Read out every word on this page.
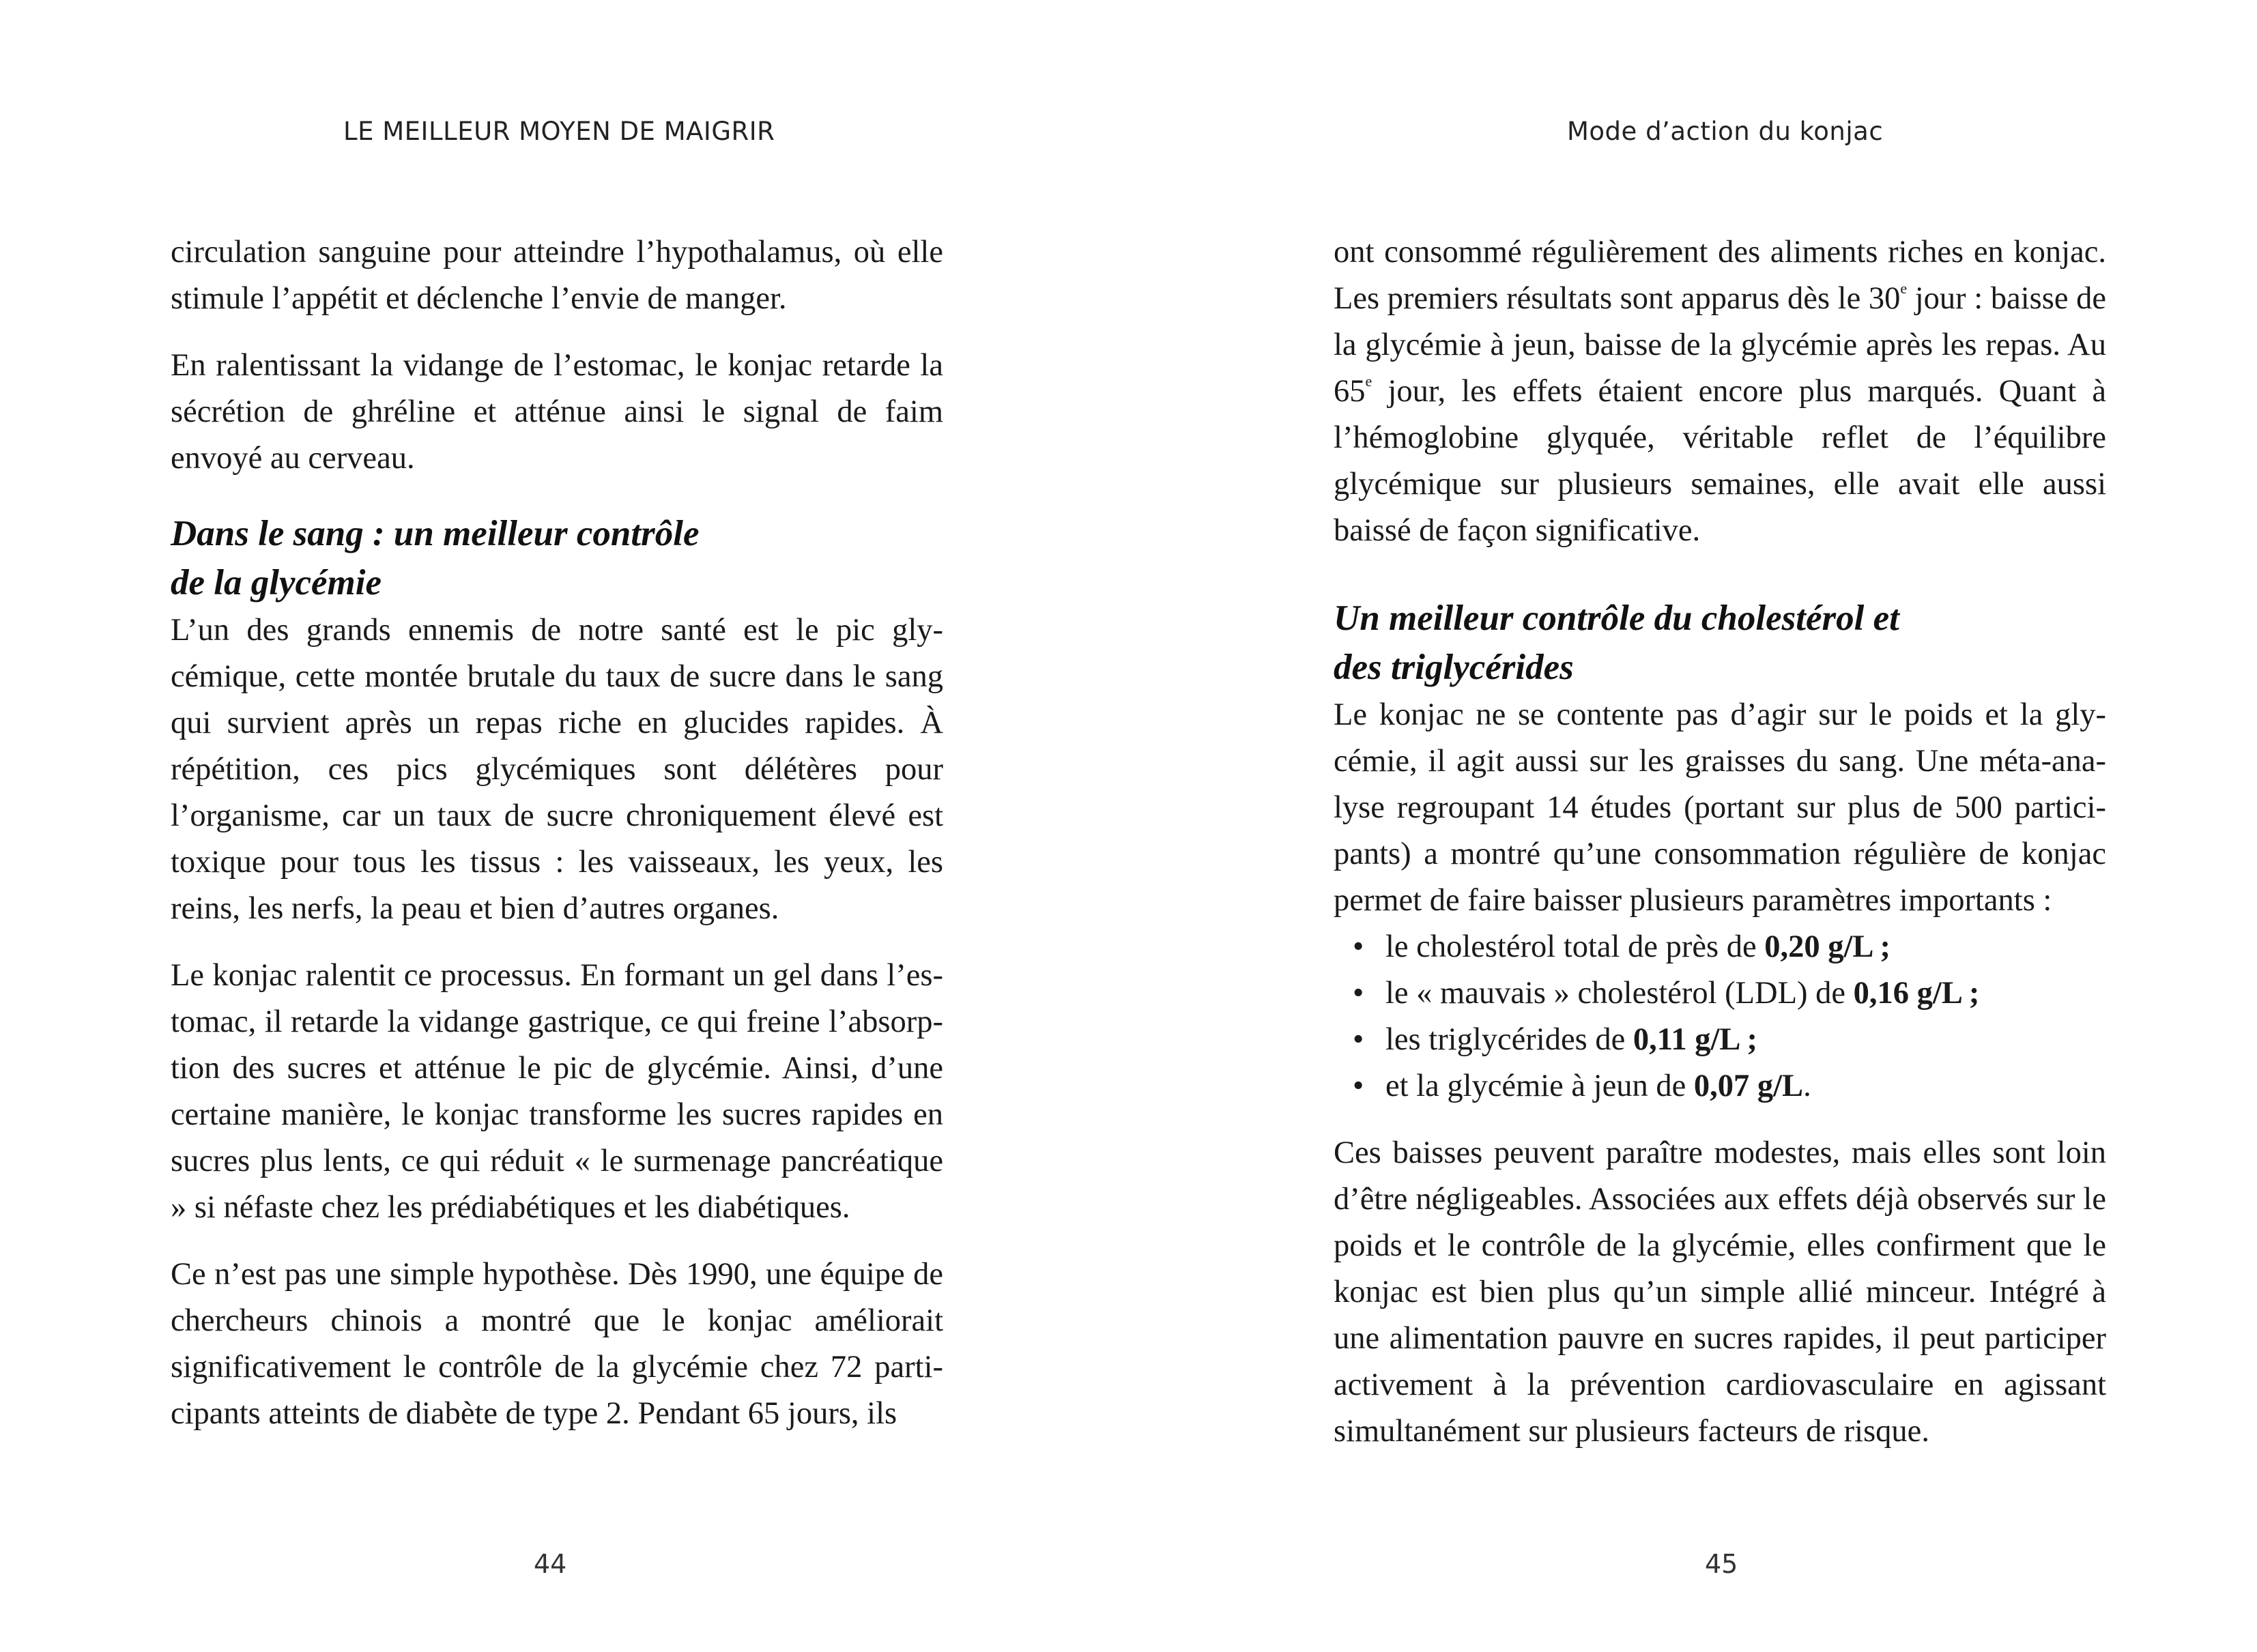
LE MEILLEUR MOYEN DE MAIGRIR

circulation sanguine pour atteindre l’hypothalamus, où elle stimule l’appétit et déclenche l’envie de manger.

En ralentissant la vidange de l’estomac, le konjac retarde la sécrétion de ghréline et atténue ainsi le signal de faim envoyé au cerveau.

Dans le sang : un meilleur contrôle
de la glycémie

L’un des grands ennemis de notre santé est le pic glycémique, cette montée brutale du taux de sucre dans le sang qui survient après un repas riche en glucides rapides. À répétition, ces pics glycémiques sont délétères pour l’organisme, car un taux de sucre chroniquement élevé est toxique pour tous les tissus : les vaisseaux, les yeux, les reins, les nerfs, la peau et bien d’autres organes.

Le konjac ralentit ce processus. En formant un gel dans l’estomac, il retarde la vidange gastrique, ce qui freine l’absorption des sucres et atténue le pic de glycémie. Ainsi, d’une certaine manière, le konjac transforme les sucres rapides en sucres plus lents, ce qui réduit « le surmenage pancréatique » si néfaste chez les prédiabétiques et les diabétiques.

Ce n’est pas une simple hypothèse. Dès 1990, une équipe de chercheurs chinois a montré que le konjac améliorait significativement le contrôle de la glycémie chez 72 participants atteints de diabète de type 2. Pendant 65 jours, ils

44
Mode d’action du konjac

ont consommé régulièrement des aliments riches en konjac. Les premiers résultats sont apparus dès le 30e jour : baisse de la glycémie à jeun, baisse de la glycémie après les repas. Au 65e jour, les effets étaient encore plus marqués. Quant à l’hémoglobine glyquée, véritable reflet de l’équilibre glycémique sur plusieurs semaines, elle avait elle aussi baissé de façon significative.

Un meilleur contrôle du cholestérol et
des triglycérides

Le konjac ne se contente pas d’agir sur le poids et la glycémie, il agit aussi sur les graisses du sang. Une méta-analyse regroupant 14 études (portant sur plus de 500 participants) a montré qu’une consommation régulière de konjac permet de faire baisser plusieurs paramètres importants :

• le cholestérol total de près de 0,20 g/L ;
• le « mauvais » cholestérol (LDL) de 0,16 g/L ;
• les triglycérides de 0,11 g/L ;
• et la glycémie à jeun de 0,07 g/L.

Ces baisses peuvent paraître modestes, mais elles sont loin d’être négligeables. Associées aux effets déjà observés sur le poids et le contrôle de la glycémie, elles confirment que le konjac est bien plus qu’un simple allié minceur. Intégré à une alimentation pauvre en sucres rapides, il peut participer activement à la prévention cardiovasculaire en agissant simultanément sur plusieurs facteurs de risque.

45
